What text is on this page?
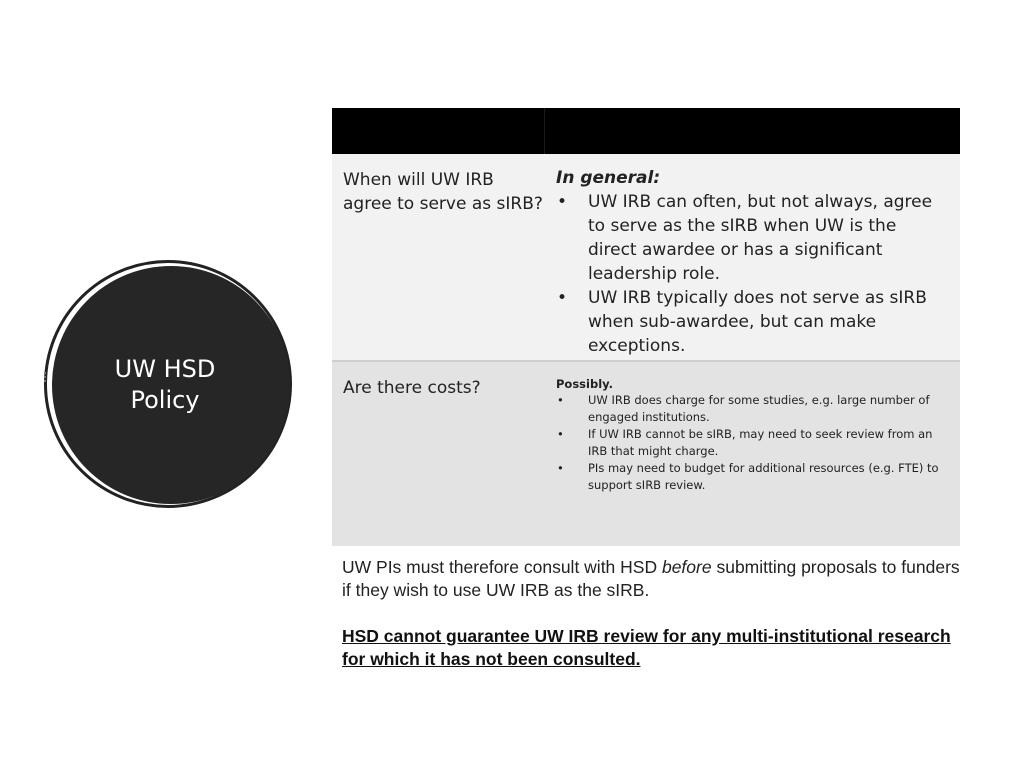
UW HSD Policy
When will UW IRB agree to serve as sIRB?
In general:
• UW IRB can often, but not always, agree to serve as the sIRB when UW is the direct awardee or has a significant leadership role.
• UW IRB typically does not serve as sIRB when sub-awardee, but can make exceptions.
Are there costs?	Possibly.
• UW IRB does charge for some studies, e.g. large number of engaged institutions.
• If UW IRB cannot be sIRB, may need to seek review from an IRB that might charge.
• PIs may need to budget for additional resources (e.g. FTE) to support sIRB review.
UW PIs must therefore consult with HSD before submitting proposals to funders if they wish to use UW IRB as the sIRB.
HSD cannot guarantee UW IRB review for any multi-institutional research for which it has not been consulted.
